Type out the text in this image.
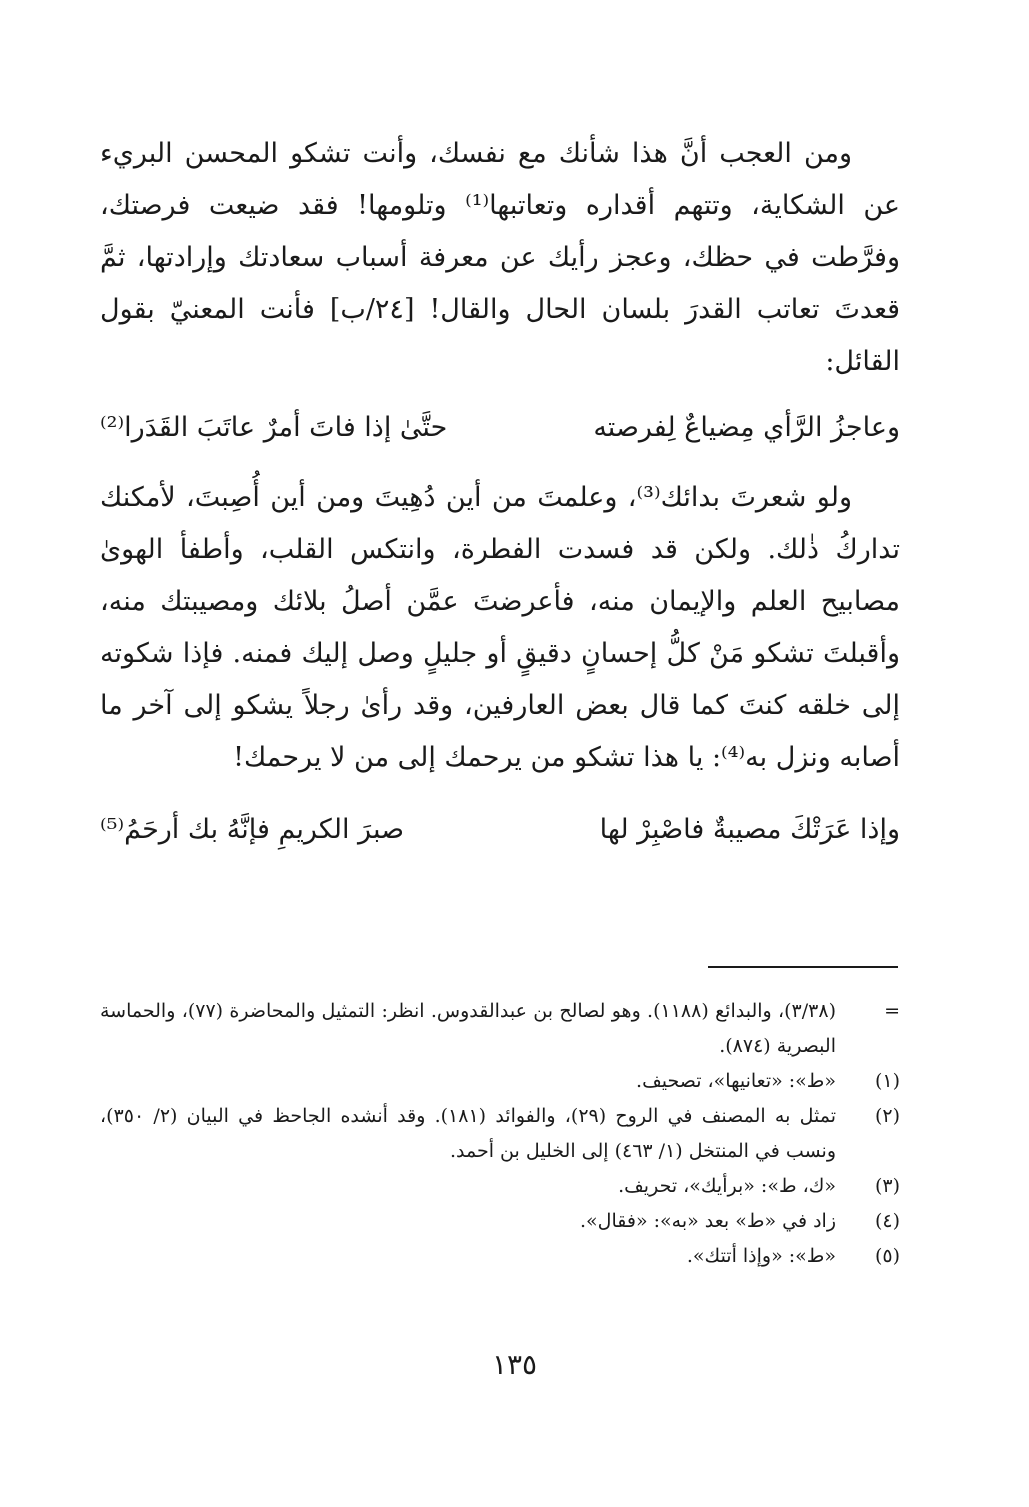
ومن العجب أنَّ هذا شأنك مع نفسك، وأنت تشكو المحسن البريء عن الشكاية، وتتهم أقداره وتعاتبها⁽¹⁾ وتلومها! فقد ضيعت فرصتك، وفرَّطت في حظك، وعجز رأيك عن معرفة أسباب سعادتك وإرادتها، ثمَّ قعدتَ تعاتب القدرَ بلسان الحال والقال! [٢٤/ب] فأنت المعنيّ بقول القائل:

وعاجزُ الرَّأي مِضياعٌ لِفرصته
حتَّىٰ إذا فاتَ أمرٌ عاتَبَ القَدَرا⁽²⁾

ولو شعرتَ بدائك⁽³⁾، وعلمتَ من أين دُهِيتَ ومن أين أُصِبتَ، لأمكنك تداركُ ذٰلك. ولكن قد فسدت الفطرة، وانتكس القلب، وأطفأ الهوىٰ مصابيح العلم والإيمان منه، فأعرضتَ عمَّن أصلُ بلائك ومصيبتك منه، وأقبلتَ تشكو مَنْ كلُّ إحسانٍ دقيقٍ أو جليلٍ وصل إليك فمنه. فإذا شكوته إلى خلقه كنتَ كما قال بعض العارفين، وقد رأىٰ رجلاً يشكو إلى آخر ما أصابه ونزل به⁽⁴⁾: يا هذا تشكو من يرحمك إلى من لا يرحمك!

وإذا عَرَتْكَ مصيبةٌ فاصْبِرْ لها
صبرَ الكريمِ فإنَّهُ بك أرحَمُ⁽⁵⁾
=
(٣/٣٨)، والبدائع (١١٨٨). وهو لصالح بن عبدالقدوس. انظر: التمثيل والمحاضرة (٧٧)، والحماسة البصرية (٨٧٤).
(١)
«ط»: «تعانيها»، تصحيف.
(٢)
تمثل به المصنف في الروح (٢٩)، والفوائد (١٨١). وقد أنشده الجاحظ في البيان (٢/ ٣٥٠)، ونسب في المنتخل (١/ ٤٦٣) إلى الخليل بن أحمد.
(٣)
«ك، ط»: «برأيك»، تحريف.
(٤)
زاد في «ط» بعد «به»: «فقال».
(٥)
«ط»: «وإذا أتتك».
١٣٥
